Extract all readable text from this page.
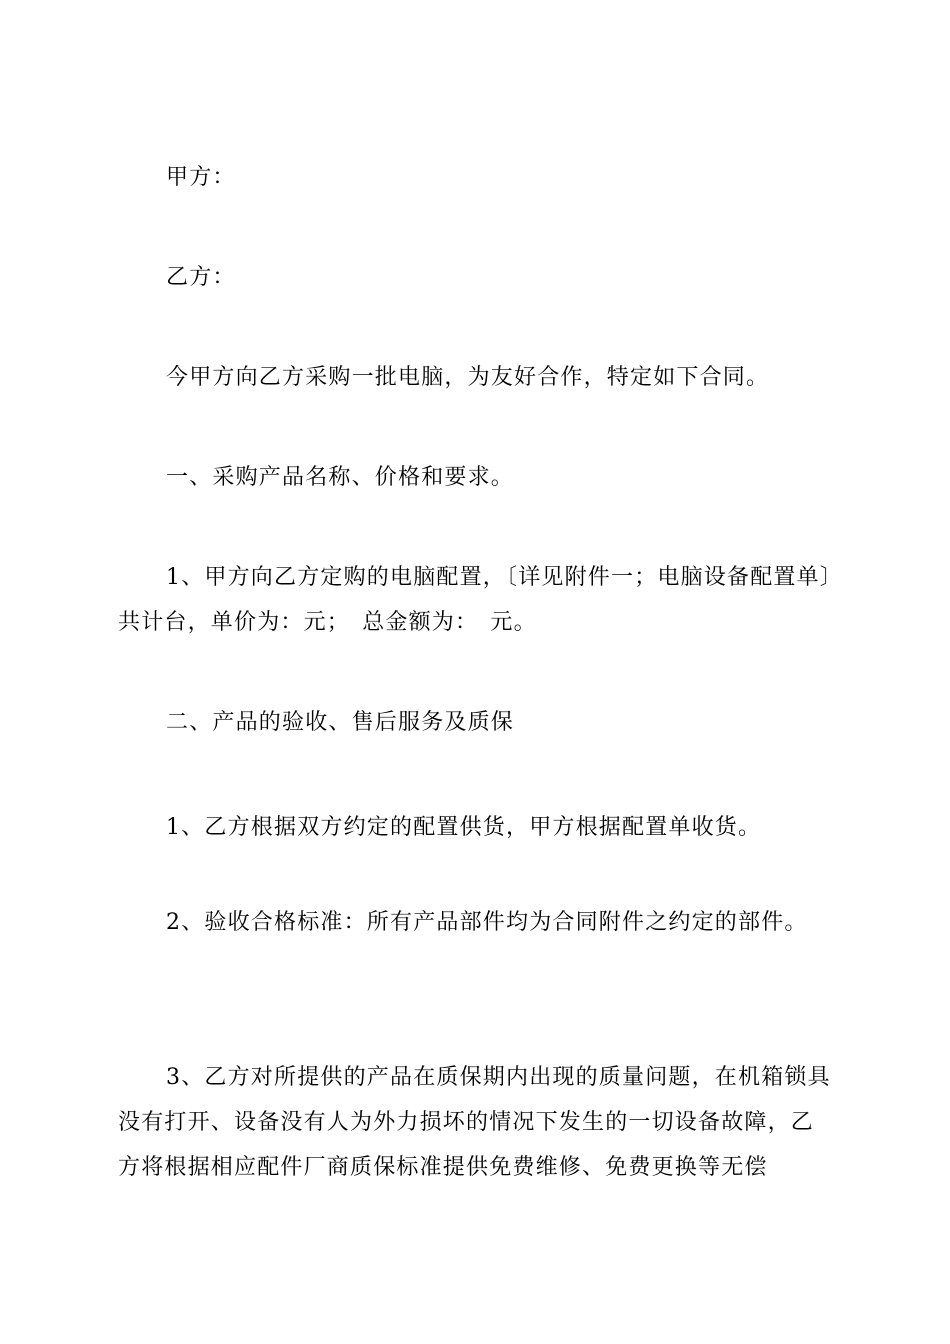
甲方：

乙方：

今甲方向乙方采购一批电脑，为友好合作，特定如下合同。

一、采购产品名称、价格和要求。

1、甲方向乙方定购的电脑配置，〔详见附件一；电脑设备配置单〕共计台，单价为：元；　总金额为：　元。

二、产品的验收、售后服务及质保

1、乙方根据双方约定的配置供货，甲方根据配置单收货。

2、验收合格标准：所有产品部件均为合同附件之约定的部件。

3、乙方对所提供的产品在质保期内出现的质量问题，在机箱锁具没有打开、设备没有人为外力损坏的情况下发生的一切设备故障，乙方将根据相应配件厂商质保标准提供免费维修、免费更换等无偿
